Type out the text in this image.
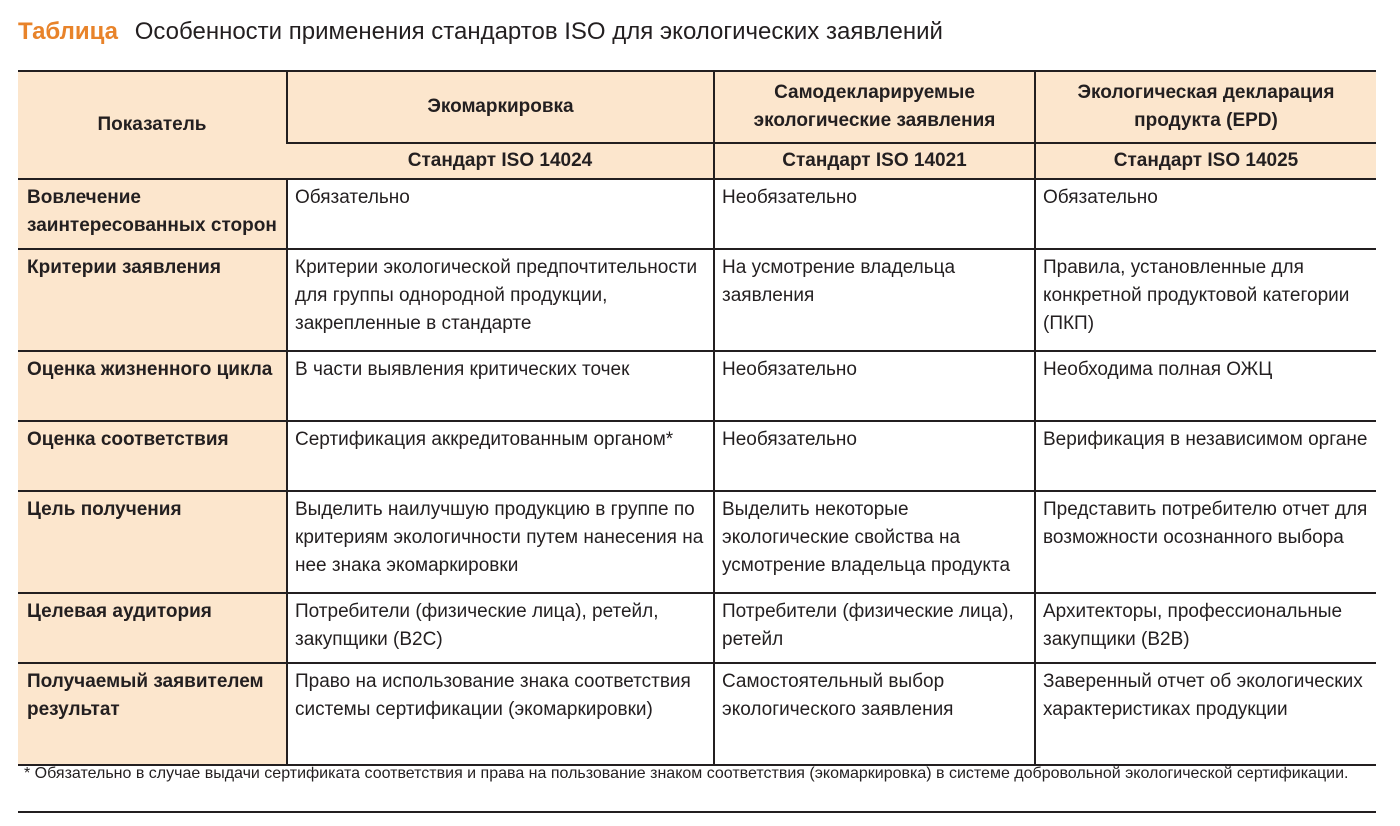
Таблица Особенности применения стандартов ISO для экологических заявлений
Показатель	Экомаркировка	Самодекларируемые экологические заявления	Экологическая декларация продукта (EPD)
	Стандарт ISO 14024	Стандарт ISO 14021	Стандарт ISO 14025
Вовлечение заинтересованных сторон	Обязательно	Необязательно	Обязательно
Критерии заявления	Критерии экологической предпочтительности для группы однородной продукции, закрепленные в стандарте	На усмотрение владельца заявления	Правила, установленные для конкретной продуктовой категории (ПКП)
Оценка жизненного цикла	В части выявления критических точек	Необязательно	Необходима полная ОЖЦ
Оценка соответствия	Сертификация аккредитованным органом*	Необязательно	Верификация в независимом органе
Цель получения	Выделить наилучшую продукцию в группе по критериям экологичности путем нанесения на нее знака экомаркировки	Выделить некоторые экологические свойства на усмотрение владельца продукта	Представить потребителю отчет для возможности осознанного выбора
Целевая аудитория	Потребители (физические лица), ретейл, закупщики (B2C)	Потребители (физические лица), ретейл	Архитекторы, профессиональные закупщики (B2B)
Получаемый заявителем результат	Право на использование знака соответствия системы сертификации (экомаркировки)	Самостоятельный выбор экологического заявления	Заверенный отчет об экологических характеристиках продукции
* Обязательно в случае выдачи сертификата соответствия и права на пользование знаком соответствия (экомаркировка) в системе добровольной экологической сертификации.
